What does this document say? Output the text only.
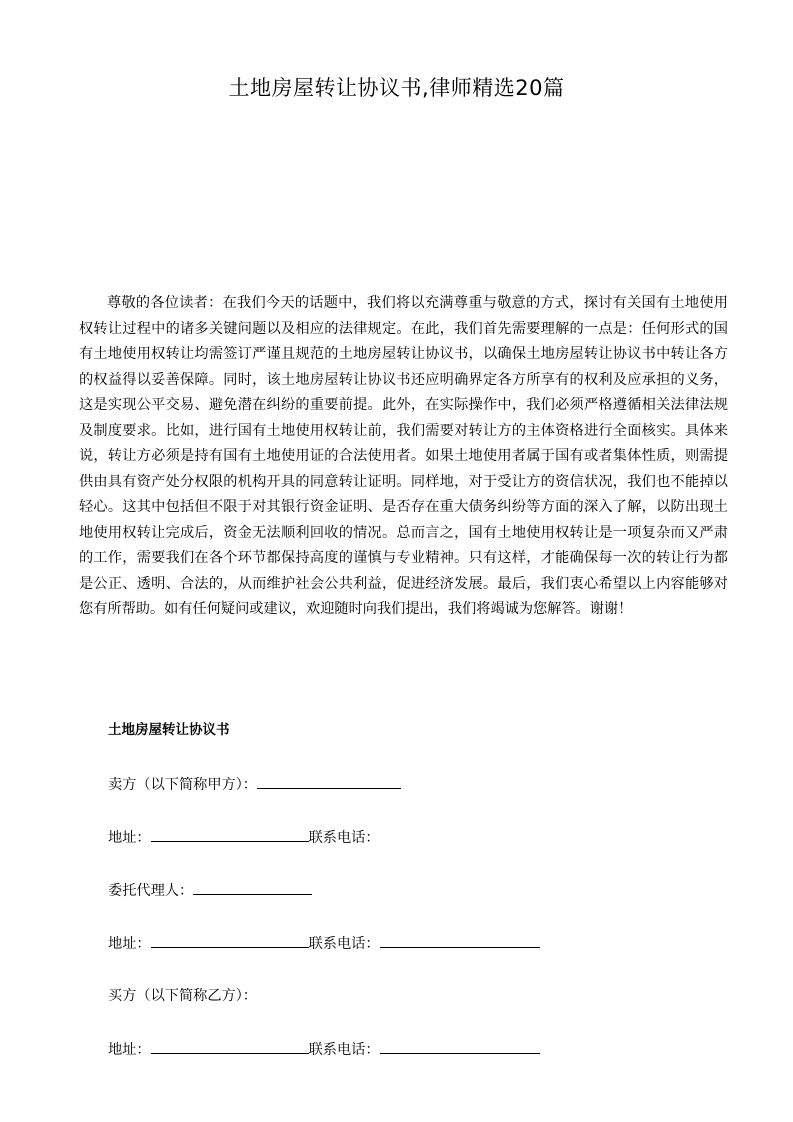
土地房屋转让协议书,律师精选20篇

尊敬的各位读者：在我们今天的话题中，我们将以充满尊重与敬意的方式，探讨有关国有土地使用权转让过程中的诸多关键问题以及相应的法律规定。在此，我们首先需要理解的一点是：任何形式的国有土地使用权转让均需签订严谨且规范的土地房屋转让协议书，以确保土地房屋转让协议书中转让各方的权益得以妥善保障。同时，该土地房屋转让协议书还应明确界定各方所享有的权利及应承担的义务，这是实现公平交易、避免潜在纠纷的重要前提。此外，在实际操作中，我们必须严格遵循相关法律法规及制度要求。比如，进行国有土地使用权转让前，我们需要对转让方的主体资格进行全面核实。具体来说，转让方必须是持有国有土地使用证的合法使用者。如果土地使用者属于国有或者集体性质，则需提供由具有资产处分权限的机构开具的同意转让证明。同样地，对于受让方的资信状况，我们也不能掉以轻心。这其中包括但不限于对其银行资金证明、是否存在重大债务纠纷等方面的深入了解，以防出现土地使用权转让完成后，资金无法顺利回收的情况。总而言之，国有土地使用权转让是一项复杂而又严肃的工作，需要我们在各个环节都保持高度的谨慎与专业精神。只有这样，才能确保每一次的转让行为都是公正、透明、合法的，从而维护社会公共利益，促进经济发展。最后，我们衷心希望以上内容能够对您有所帮助。如有任何疑问或建议，欢迎随时向我们提出，我们将竭诚为您解答。谢谢！

土地房屋转让协议书
卖方（以下简称甲方）：
地址：	联系电话：
委托代理人：
地址：	联系电话：
买方（以下简称乙方）：
地址：	联系电话：
